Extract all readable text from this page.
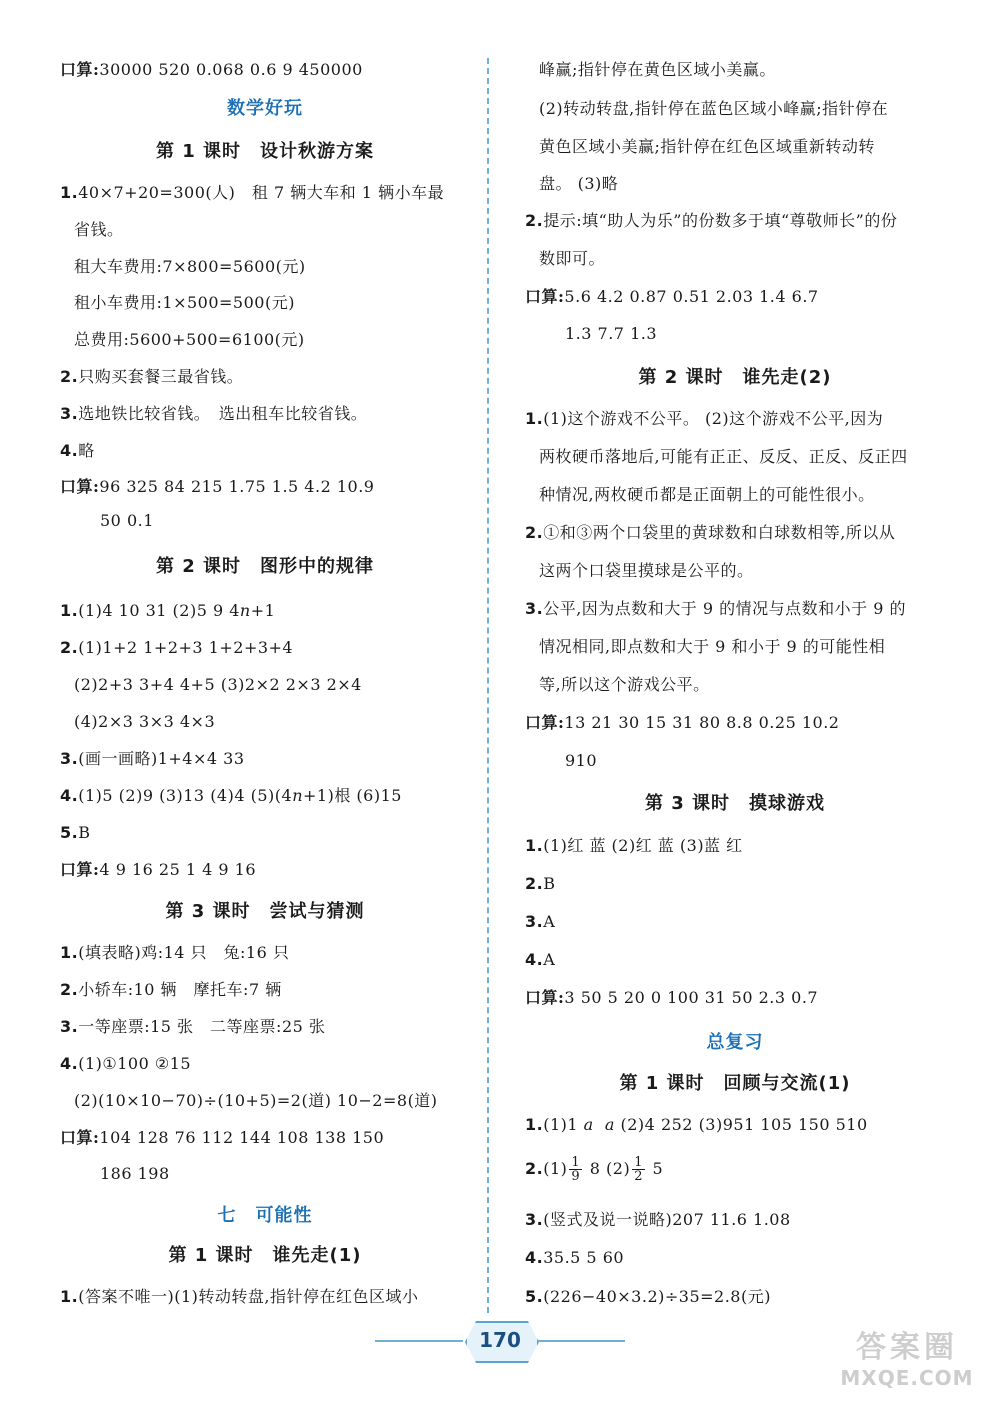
口算:30000 520 0.068 0.6 9 450000
数学好玩
第 1 课时　设计秋游方案
1.40×7+20=300(人)　租 7 辆大车和 1 辆小车最
省钱。
租大车费用:7×800=5600(元)
租小车费用:1×500=500(元)
总费用:5600+500=6100(元)
2.只购买套餐三最省钱。
3.选地铁比较省钱。　选出租车比较省钱。
4.略
口算:96 325 84 215 1.75 1.5 4.2 10.9
50 0.1
第 2 课时　图形中的规律
1.(1)4 10 31 (2)5 9 4n+1
2.(1)1+2 1+2+3 1+2+3+4
(2)2+3 3+4 4+5 (3)2×2 2×3 2×4
(4)2×3 3×3 4×3
3.(画一画略)1+4×4 33
4.(1)5 (2)9 (3)13 (4)4 (5)(4n+1)根 (6)15
5.B
口算:4 9 16 25 1 4 9 16
第 3 课时　尝试与猜测
1.(填表略)鸡:14 只　兔:16 只
2.小轿车:10 辆　摩托车:7 辆
3.一等座票:15 张　二等座票:25 张
4.(1)①100 ②15
(2)(10×10−70)÷(10+5)=2(道) 10−2=8(道)
口算:104 128 76 112 144 108 138 150
186 198
七　可能性
第 1 课时　谁先走(1)
1.(答案不唯一)(1)转动转盘,指针停在红色区域小
峰赢;指针停在黄色区域小美赢。
(2)转动转盘,指针停在蓝色区域小峰赢;指针停在
黄色区域小美赢;指针停在红色区域重新转动转
盘。 (3)略
2.提示:填“助人为乐”的份数多于填“尊敬师长”的份
数即可。
口算:5.6 4.2 0.87 0.51 2.03 1.4 6.7
1.3 7.7 1.3
第 2 课时　谁先走(2)
1.(1)这个游戏不公平。 (2)这个游戏不公平,因为
两枚硬币落地后,可能有正正、反反、正反、反正四
种情况,两枚硬币都是正面朝上的可能性很小。
2.①和③两个口袋里的黄球数和白球数相等,所以从
这两个口袋里摸球是公平的。
3.公平,因为点数和大于 9 的情况与点数和小于 9 的
情况相同,即点数和大于 9 和小于 9 的可能性相
等,所以这个游戏公平。
口算:13 21 30 15 31 80 8.8 0.25 10.2
910
第 3 课时　摸球游戏
1.(1)红 蓝 (2)红 蓝 (3)蓝 红
2.B
3.A
4.A
口算:3 50 5 20 0 100 31 50 2.3 0.7
总复习
第 1 课时　回顾与交流(1)
1.(1)1 a a (2)4 252 (3)951 105 150 510
$2.(1) \frac{1}{9} 8$ $(2) \frac{1}{2} 5$
3.(竖式及说一说略)207 11.6 1.08
4.35.5 5 60
5.(226−40×3.2)÷35=2.8(元)
170	答案圈
MXQE.COM
